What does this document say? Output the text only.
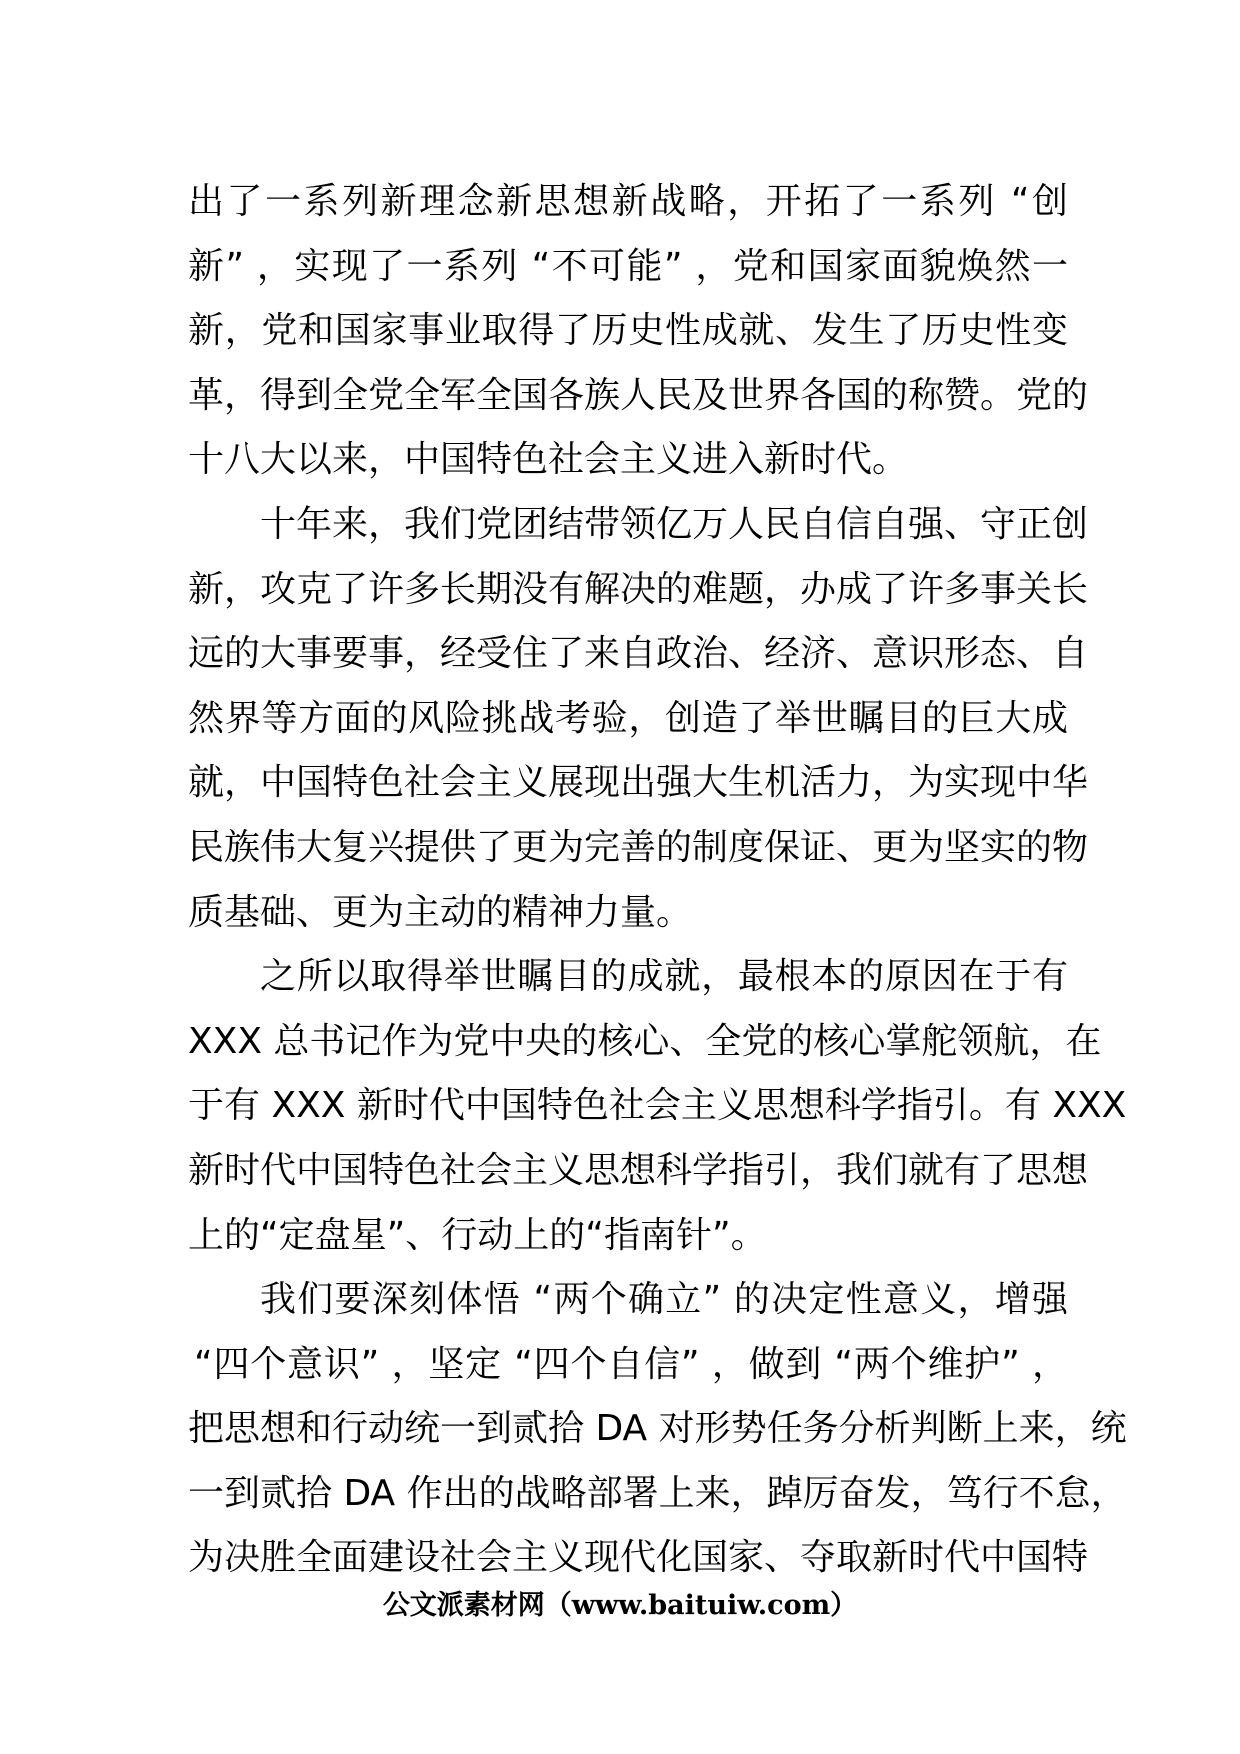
出了一系列新理念新思想新战略，开拓了一系列 “创
新” ，实现了一系列 “不可能” ，党和国家面貌焕然一
新，党和国家事业取得了历史性成就、发生了历史性变
革，得到全党全军全国各族人民及世界各国的称赞。党的
十八大以来，中国特色社会主义进入新时代。
十年来，我们党团结带领亿万人民自信自强、守正创
新，攻克了许多长期没有解决的难题，办成了许多事关长
远的大事要事，经受住了来自政治、经济、意识形态、自
然界等方面的风险挑战考验，创造了举世瞩目的巨大成
就，中国特色社会主义展现出强大生机活力，为实现中华
民族伟大复兴提供了更为完善的制度保证、更为坚实的物
质基础、更为主动的精神力量。
之所以取得举世瞩目的成就，最根本的原因在于有
XXX 总书记作为党中央的核心、全党的核心掌舵领航，在
于有 XXX 新时代中国特色社会主义思想科学指引。有 XXX
新时代中国特色社会主义思想科学指引，我们就有了思想
上的“定盘星”、行动上的“指南针”。
我们要深刻体悟 “两个确立” 的决定性意义，增强
“四个意识” ，坚定 “四个自信” ，做到 “两个维护” ，
把思想和行动统一到贰拾 DA 对形势任务分析判断上来，统
一到贰拾 DA 作出的战略部署上来，踔厉奋发，笃行不怠，
为决胜全面建设社会主义现代化国家、夺取新时代中国特
公文派素材网（www.baituiw.com）
